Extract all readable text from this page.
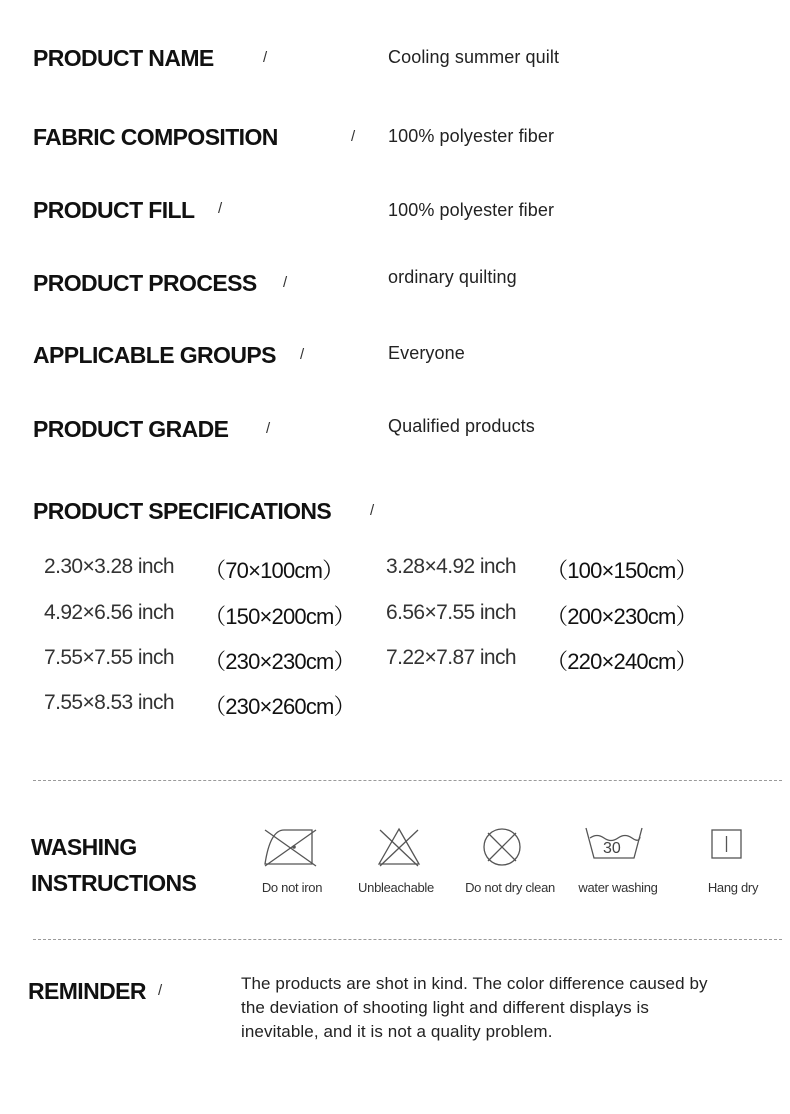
PRODUCT NAME	/	Cooling summer quilt
FABRIC COMPOSITION	/ 100% polyester fiber
PRODUCT FILL /	100% polyester fiber
PRODUCT PROCESS /	ordinary quilting
APPLICABLE GROUPS /	Everyone
PRODUCT GRADE	/	Qualified products
PRODUCT SPECIFICATIONS	/
2.30×3.28 inch （70×100cm） 3.28×4.92 inch （100×150cm）
4.92×6.56 inch （150×200cm） 6.56×7.55 inch （200×230cm）
7.55×7.55 inch （230×230cm） 7.22×7.87 inch （220×240cm）
7.55×8.53 inch （230×260cm）
WASHING
INSTRUCTIONS	Do not iron	Unbleachable	Do not dry clean
30
water washing	Hang dry
REMINDER /	The products are shot in kind. The color difference caused by the deviation of shooting light and different displays is inevitable, and it is not a quality problem.
